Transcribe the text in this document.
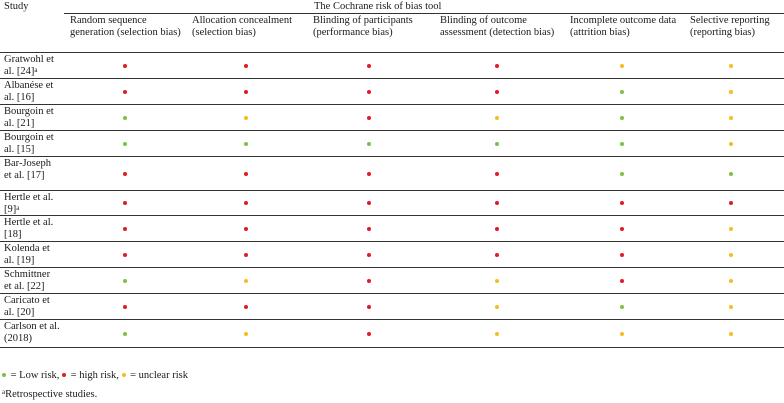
Study	The Cochrane risk of bias tool
Random sequence generation (selection bias)
Allocation concealment (selection bias)
Blinding of participants (performance bias)
Blinding of outcome assessment (detection bias)
Incomplete outcome data (attrition bias)
Selective reporting (reporting bias)
Gratwohl et al. $[24]^a$
Albanése et al. [16]
Bourgoin et al. [21]
Bourgoin et al. [15]
Bar-Joseph et al. [17]
Hertle et al. $[9]^a$
Hertle et al. [18]
Kolenda et al. [19]
Schmittner et al. [22]
Caricato et al. [20]
Carlson et al. (2018)
= Low risk, = high risk, = unclear risk
$^a$Retrospective studies.
